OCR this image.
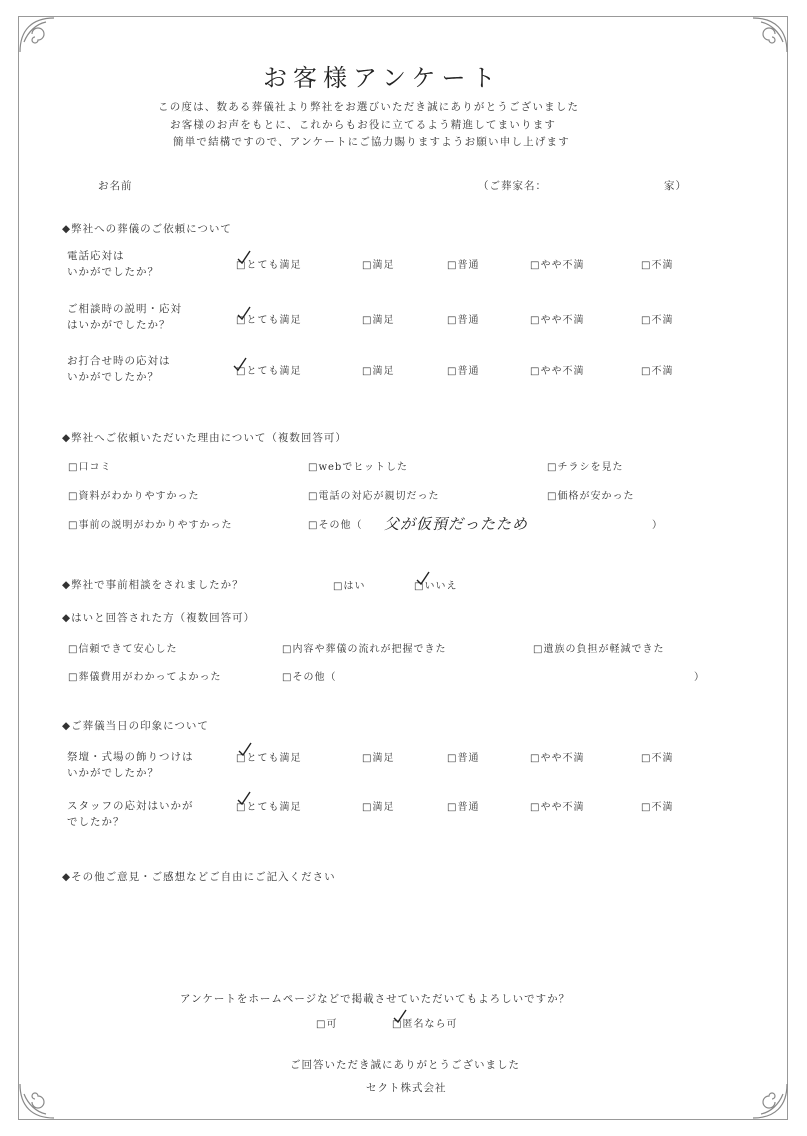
お客様アンケート
この度は、数ある葬儀社より弊社をお選びいただき誠にありがとうございました
お客様のお声をもとに、これからもお役に立てるよう精進してまいります
簡単で結構ですので、アンケートにご協力賜りますようお願い申し上げます
お名前	（ご葬家名：	家）
◆弊社への葬儀のご依頼について
電話応対は
いかがでしたか？
□とても満足	□満足	□普通	□やや不満	□不満
ご相談時の説明・応対
はいかがでしたか？	□とても満足	□満足	□普通	□やや不満	□不満
お打合せ時の応対は
いかがでしたか？	□とても満足	□満足	□普通	□やや不満	□不満
◆弊社へご依頼いただいた理由について（複数回答可）
□口コミ	□webでヒットした	□チラシを見た
□資料がわかりやすかった	□電話の対応が親切だった	□価格が安かった
□事前の説明がわかりやすかった	□その他（ 父が仮預だったため	）
◆弊社で事前相談をされましたか？	□はい	□いいえ
◆はいと回答された方（複数回答可）
□信頼できて安心した	□内容や葬儀の流れが把握できた	□遺族の負担が軽減できた
□葬儀費用がわかってよかった	□その他（	）
◆ご葬儀当日の印象について
祭壇・式場の飾りつけは
いかがでしたか？
□とても満足	□満足	□普通	□やや不満	□不満
スタッフの応対はいかが
でしたか？
□とても満足	□満足	□普通	□やや不満	□不満
◆その他ご意見・ご感想などご自由にご記入ください
アンケートをホームページなどで掲載させていただいてもよろしいですか？
□可	□匿名なら可
ご回答いただき誠にありがとうございました
セクト株式会社
